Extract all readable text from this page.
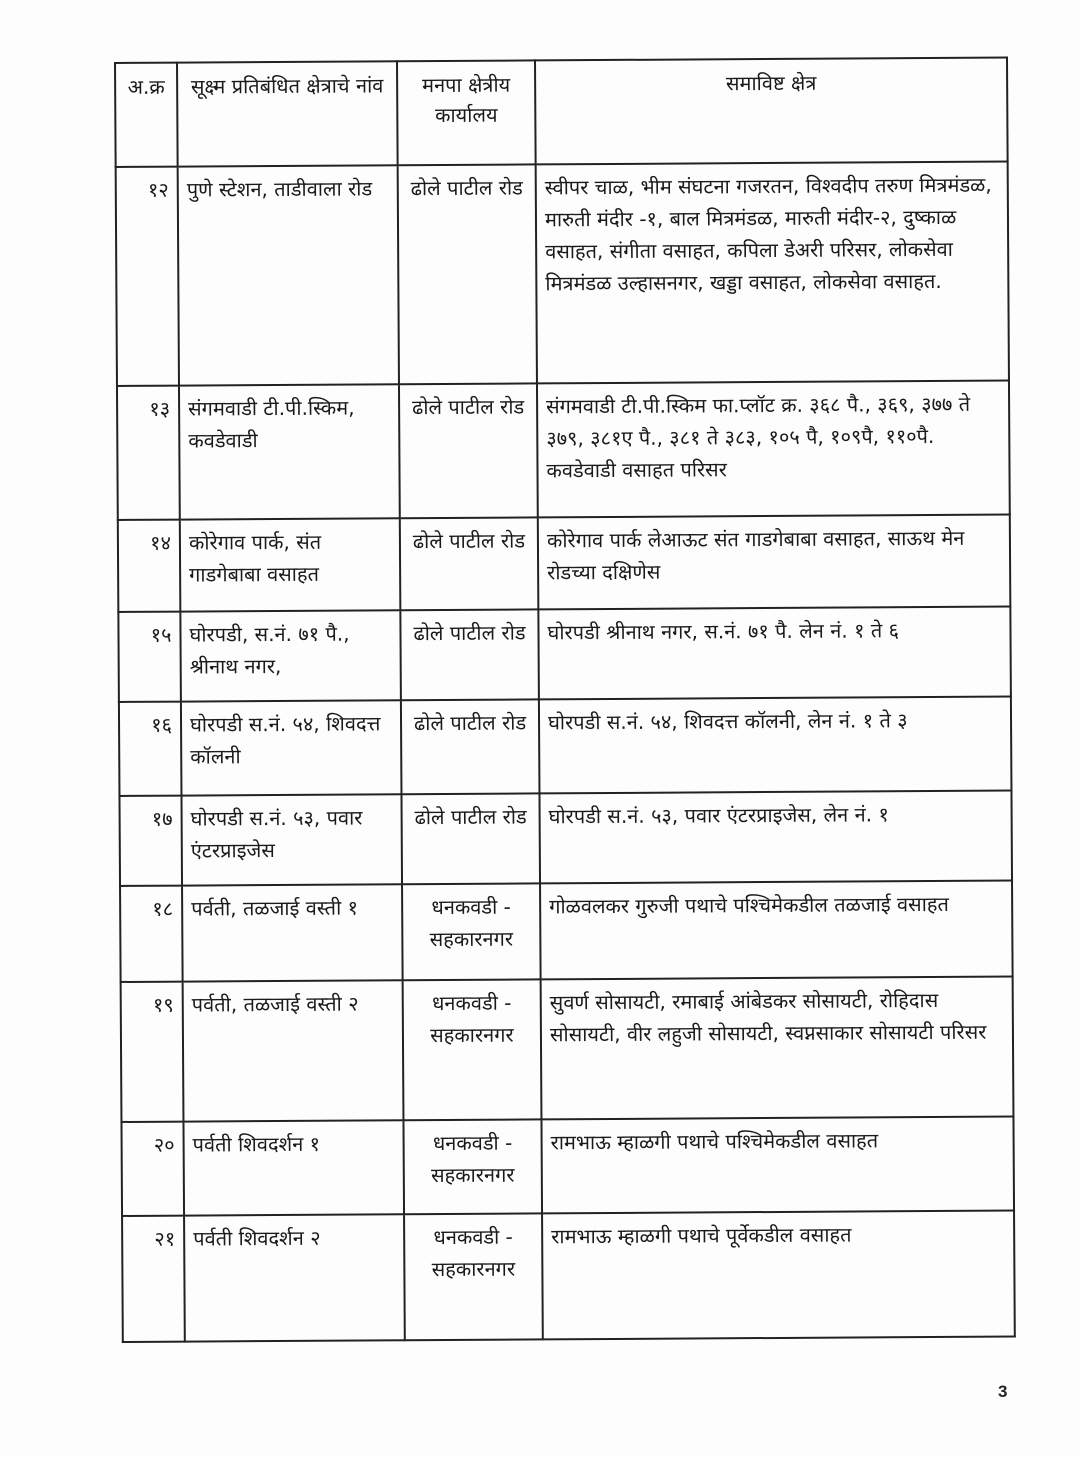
अ.क्र	सूक्ष्म प्रतिबंधित क्षेत्राचे नांव	मनपा क्षेत्रीय कार्यालय	समाविष्ट क्षेत्र
१२	पुणे स्टेशन, ताडीवाला रोड	ढोले पाटील रोड	स्वीपर चाळ, भीम संघटना गजरतन, विश्वदीप तरुण मित्रमंडळ, मारुती मंदीर -१, बाल मित्रमंडळ, मारुती मंदीर-२, दुष्काळ वसाहत, संगीता वसाहत, कपिला डेअरी परिसर, लोकसेवा मित्रमंडळ उल्हासनगर, खड्डा वसाहत, लोकसेवा वसाहत.
१३	संगमवाडी टी.पी.स्किम, कवडेवाडी	ढोले पाटील रोड	संगमवाडी टी.पी.स्किम फा.प्लॉट क्र. ३६८ पै., ३६९, ३७७ ते ३७९, ३८१ए पै., ३८१ ते ३८३, १०५ पै, १०९पै, ११०पै. कवडेवाडी वसाहत परिसर
१४	कोरेगाव पार्क, संत गाडगेबाबा वसाहत	ढोले पाटील रोड	कोरेगाव पार्क लेआऊट संत गाडगेबाबा वसाहत, साऊथ मेन रोडच्या दक्षिणेस
१५	घोरपडी, स.नं. ७१ पै., श्रीनाथ नगर,	ढोले पाटील रोड	घोरपडी श्रीनाथ नगर, स.नं. ७१ पै. लेन नं. १ ते ६
१६	घोरपडी स.नं. ५४, शिवदत्त कॉलनी	ढोले पाटील रोड	घोरपडी स.नं. ५४, शिवदत्त कॉलनी, लेन नं. १ ते ३
१७	घोरपडी स.नं. ५३, पवार एंटरप्राइजेस	ढोले पाटील रोड	घोरपडी स.नं. ५३, पवार एंटरप्राइजेस, लेन नं. १
१८	पर्वती, तळजाई वस्ती १	धनकवडी - सहकारनगर	गोळवलकर गुरुजी पथाचे पश्चिमेकडील तळजाई वसाहत
१९	पर्वती, तळजाई वस्ती २	धनकवडी - सहकारनगर	सुवर्ण सोसायटी, रमाबाई आंबेडकर सोसायटी, रोहिदास सोसायटी, वीर लहुजी सोसायटी, स्वप्नसाकार सोसायटी परिसर
२०	पर्वती शिवदर्शन १	धनकवडी - सहकारनगर	रामभाऊ म्हाळगी पथाचे पश्चिमेकडील वसाहत
२१	पर्वती शिवदर्शन २	धनकवडी - सहकारनगर	रामभाऊ म्हाळगी पथाचे पूर्वेकडील वसाहत
3
